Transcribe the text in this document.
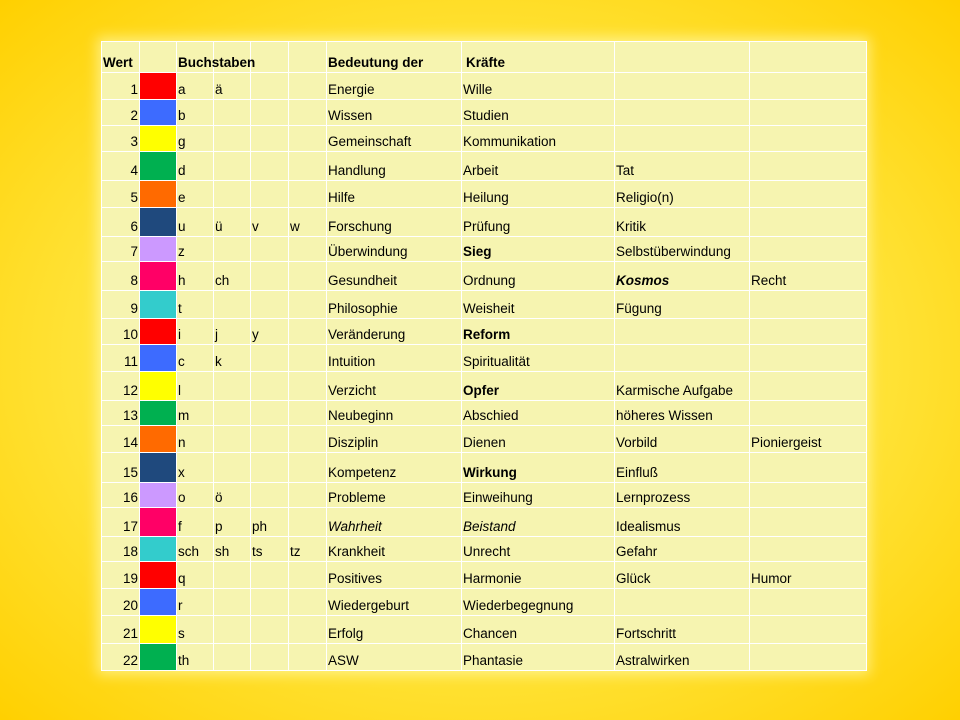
Wert		Buchstaben				Bedeutung der	Kräfte		
1		a	ä			Energie	Wille		
2		b				Wissen	Studien		
3		g				Gemeinschaft	Kommunikation		
4		d				Handlung	Arbeit	Tat	
5		e				Hilfe	Heilung	Religio(n)	
6		u	ü	v	w	Forschung	Prüfung	Kritik	
7		z				Überwindung	Sieg	Selbstüberwindung	
8		h	ch			Gesundheit	Ordnung	Kosmos	Recht
9		t				Philosophie	Weisheit	Fügung	
10		i	j	y		Veränderung	Reform		
11		c	k			Intuition	Spiritualität		
12		l				Verzicht	Opfer	Karmische Aufgabe	
13		m				Neubeginn	Abschied	höheres Wissen	
14		n				Disziplin	Dienen	Vorbild	Pioniergeist
15		x				Kompetenz	Wirkung	Einfluß	
16		o	ö			Probleme	Einweihung	Lernprozess	
17		f	p	ph		Wahrheit	Beistand	Idealismus	
18		sch	sh	ts	tz	Krankheit	Unrecht	Gefahr	
19		q				Positives	Harmonie	Glück	Humor
20		r				Wiedergeburt	Wiederbegegnung		
21		s				Erfolg	Chancen	Fortschritt	
22		th				ASW	Phantasie	Astralwirken	
